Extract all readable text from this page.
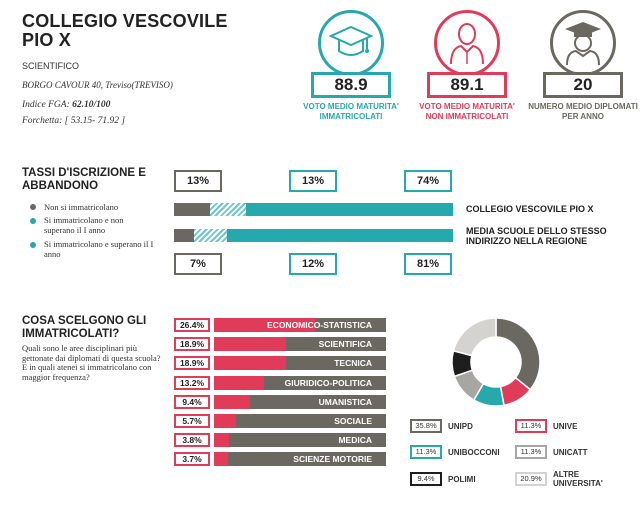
COLLEGIO VESCOVILE PIO X
SCIENTIFICO
BORGO CAVOUR 40, Treviso(TREVISO)
Indice FGA: 62.10/100
Forchetta: [ 53.15- 71.92 ]
88.9
VOTO MEDIO MATURITA' IMMATRICOLATI
89.1
VOTO MEDIO MATURITA' NON IMMATRICOLATI
20
NUMERO MEDIO DIPLOMATI PER ANNO
TASSI D'ISCRIZIONE E ABBANDONO
Non si immatricolano
Si immatricolano e non superano il I anno
Si immatricolano e superano il I anno
13%	13%	74%
COLLEGIO VESCOVILE PIO X
MEDIA SCUOLE DELLO STESSO INDIRIZZO NELLA REGIONE
7%	12%	81%
COSA SCELGONO GLI IMMATRICOLATI?
Quali sono le aree disciplinari più gettonate dai diplomati di questa scuola? E in quali atenei si immatricolano con maggior frequenza?
26.4%	ECONOMICO-STATISTICA
18.9%	SCIENTIFICA
18.9%	TECNICA
13.2%	GIURIDICO-POLITICA
9.4%	UMANISTICA
5.7%	SOCIALE
3.8%	MEDICA
3.7%	SCIENZE MOTORIE
35.8%	UNIPD	11.3%	UNIVE
11.3%	UNIBOCCONI	11.3%	UNICATT
9.4%	POLIMI	20.9%	ALTRE UNIVERSITA'
